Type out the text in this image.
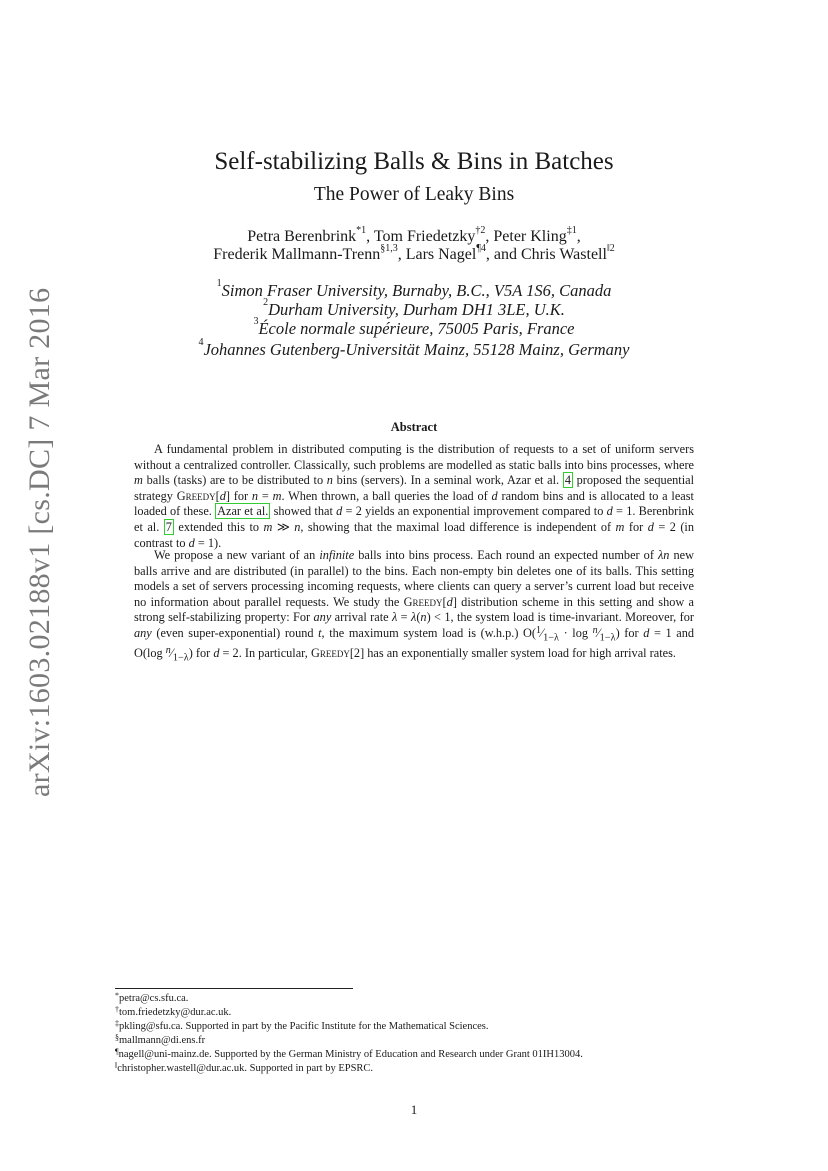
arXiv:1603.02188v1 [cs.DC] 7 Mar 2016
Self-stabilizing Balls & Bins in Batches
The Power of Leaky Bins
Petra Berenbrink$^{*1}$, Tom Friedetzky$^{\dagger 2}$, Peter Kling$^{\ddagger 1}$,
Frederik Mallmann-Trenn$^{\S 1,3}$, Lars Nagel$^{\P 4}$, and Chris Wastell$^{‖2}$
$^1$Simon Fraser University, Burnaby, B.C., V5A 1S6, Canada
$^2$Durham University, Durham DH1 3LE, U.K.
$^3$École normale supérieure, 75005 Paris, France
$^4$Johannes Gutenberg-Universität Mainz, 55128 Mainz, Germany
Abstract
A fundamental problem in distributed computing is the distribution of requests to a set of uniform servers without a centralized controller. Classically, such problems are modelled as static balls into bins processes, where m balls (tasks) are to be distributed to n bins (servers). In a seminal work, Azar et al. 4 proposed the sequential strategy Greedy[d] for n = m. When thrown, a ball queries the load of d random bins and is allocated to a least loaded of these. Azar et al. showed that d = 2 yields an exponential improvement compared to d = 1. Berenbrink et al. 7 extended this to m ≫ n, showing that the maximal load difference is independent of m for d = 2 (in contrast to d = 1).
We propose a new variant of an infinite balls into bins process. Each round an expected number of λn new balls arrive and are distributed (in parallel) to the bins. Each non-empty bin deletes one of its balls. This setting models a set of servers processing incoming requests, where clients can query a server’s current load but receive no information about parallel requests. We study the Greedy[d] distribution scheme in this setting and show a strong self-stabilizing property: For any arrival rate λ = λ(n) < 1, the system load is time-invariant. Moreover, for any (even super-exponential) round t, the maximum system load is (w.h.p.) $O(^1⁄_{1-\lambda} \cdot \log$ $^n⁄_{1-\lambda}$) for d = 1 and O(log $^n⁄_{1-\lambda}$) for d = 2. In particular, Greedy[2] has an exponentially smaller system load for high arrival rates.
*petra@cs.sfu.ca.
†tom.friedetzky@dur.ac.uk.
‡pkling@sfu.ca. Supported in part by the Pacific Institute for the Mathematical Sciences.
§mallmann@di.ens.fr
¶nagell@uni-mainz.de. Supported by the German Ministry of Education and Research under Grant 01IH13004.
‖christopher.wastell@dur.ac.uk. Supported in part by EPSRC.
1
